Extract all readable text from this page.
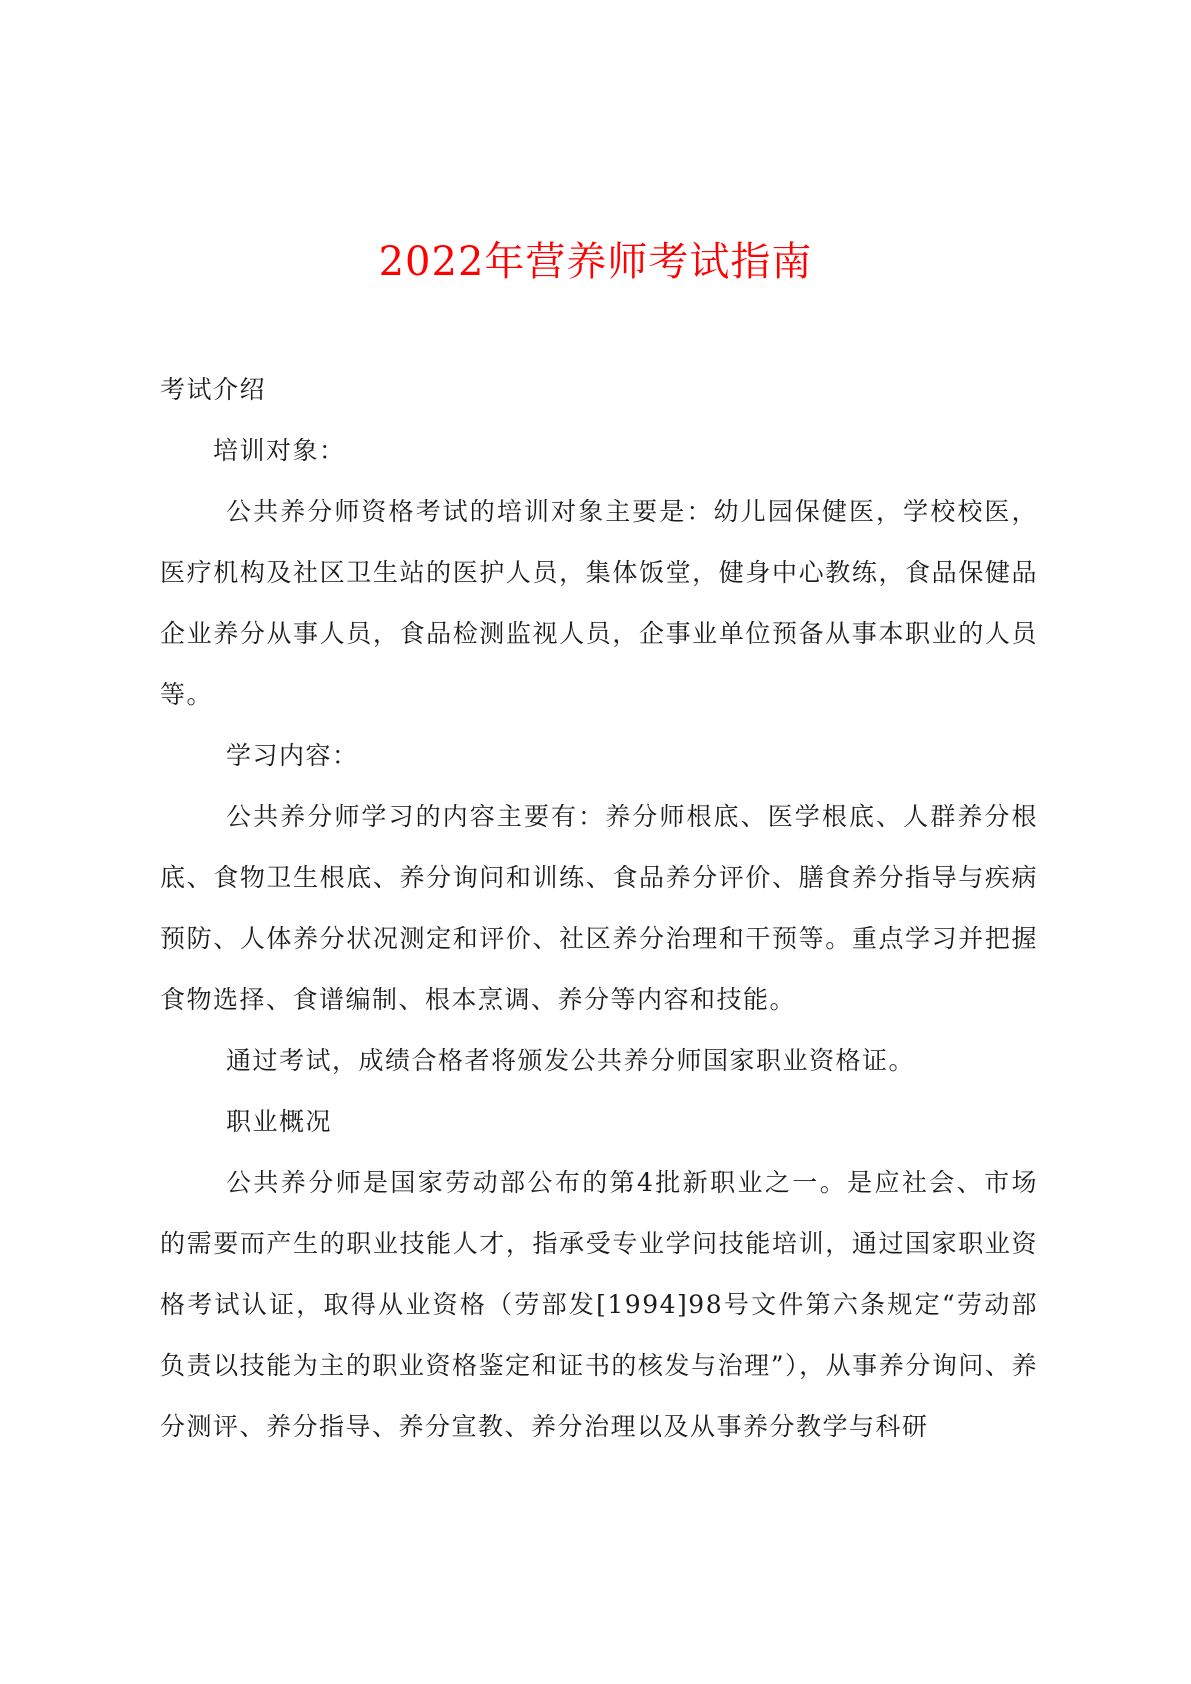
2022年营养师考试指南

考试介绍

培训对象：

公共养分师资格考试的培训对象主要是：幼儿园保健医，学校校医，医疗机构及社区卫生站的医护人员，集体饭堂，健身中心教练，食品保健品企业养分从事人员，食品检测监视人员，企事业单位预备从事本职业的人员等。

学习内容：

公共养分师学习的内容主要有：养分师根底、医学根底、人群养分根底、食物卫生根底、养分询问和训练、食品养分评价、膳食养分指导与疾病预防、人体养分状况测定和评价、社区养分治理和干预等。重点学习并把握食物选择、食谱编制、根本烹调、养分等内容和技能。

通过考试，成绩合格者将颁发公共养分师国家职业资格证。

职业概况

公共养分师是国家劳动部公布的第4批新职业之一。是应社会、市场的需要而产生的职业技能人才，指承受专业学问技能培训，通过国家职业资格考试认证，取得从业资格（劳部发[1994]98号文件第六条规定“劳动部负责以技能为主的职业资格鉴定和证书的核发与治理”），从事养分询问、养分测评、养分指导、养分宣教、养分治理以及从事养分教学与科研
